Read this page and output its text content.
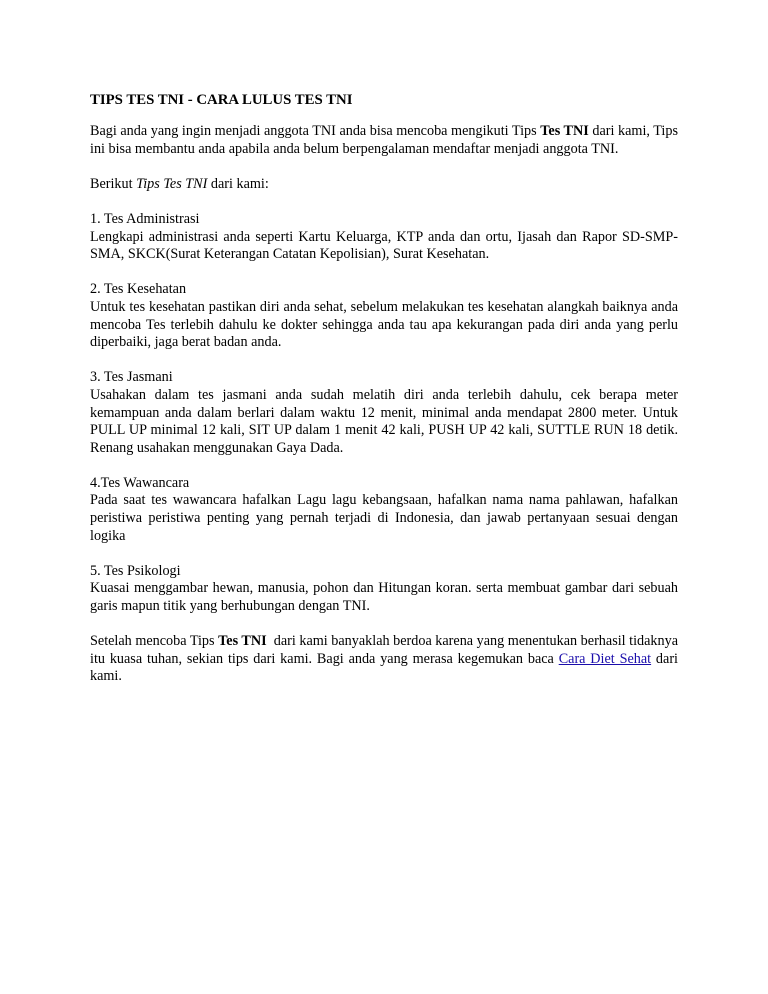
TIPS TES TNI - CARA LULUS TES TNI

Bagi anda yang ingin menjadi anggota TNI anda bisa mencoba mengikuti Tips Tes TNI dari kami, Tips ini bisa membantu anda apabila anda belum berpengalaman mendaftar menjadi anggota TNI.

Berikut Tips Tes TNI dari kami:

1. Tes Administrasi
Lengkapi administrasi anda seperti Kartu Keluarga, KTP anda dan ortu, Ijasah dan Rapor SD-SMP-SMA, SKCK(Surat Keterangan Catatan Kepolisian), Surat Kesehatan.
2. Tes Kesehatan
Untuk tes kesehatan pastikan diri anda sehat, sebelum melakukan tes kesehatan alangkah baiknya anda mencoba Tes terlebih dahulu ke dokter sehingga anda tau apa kekurangan pada diri anda yang perlu diperbaiki, jaga berat badan anda.
3. Tes Jasmani
Usahakan dalam tes jasmani anda sudah melatih diri anda terlebih dahulu, cek berapa meter kemampuan anda dalam berlari dalam waktu 12 menit, minimal anda mendapat 2800 meter. Untuk PULL UP minimal 12 kali, SIT UP dalam 1 menit 42 kali, PUSH UP 42 kali, SUTTLE RUN 18 detik. Renang usahakan menggunakan Gaya Dada.
4.Tes Wawancara
Pada saat tes wawancara hafalkan Lagu lagu kebangsaan, hafalkan nama nama pahlawan, hafalkan peristiwa peristiwa penting yang pernah terjadi di Indonesia, dan jawab pertanyaan sesuai dengan logika
5. Tes Psikologi
Kuasai menggambar hewan, manusia, pohon dan Hitungan koran. serta membuat gambar dari sebuah garis mapun titik yang berhubungan dengan TNI.

Setelah mencoba Tips Tes TNI  dari kami banyaklah berdoa karena yang menentukan berhasil tidaknya itu kuasa tuhan, sekian tips dari kami. Bagi anda yang merasa kegemukan baca Cara Diet Sehat dari kami.
